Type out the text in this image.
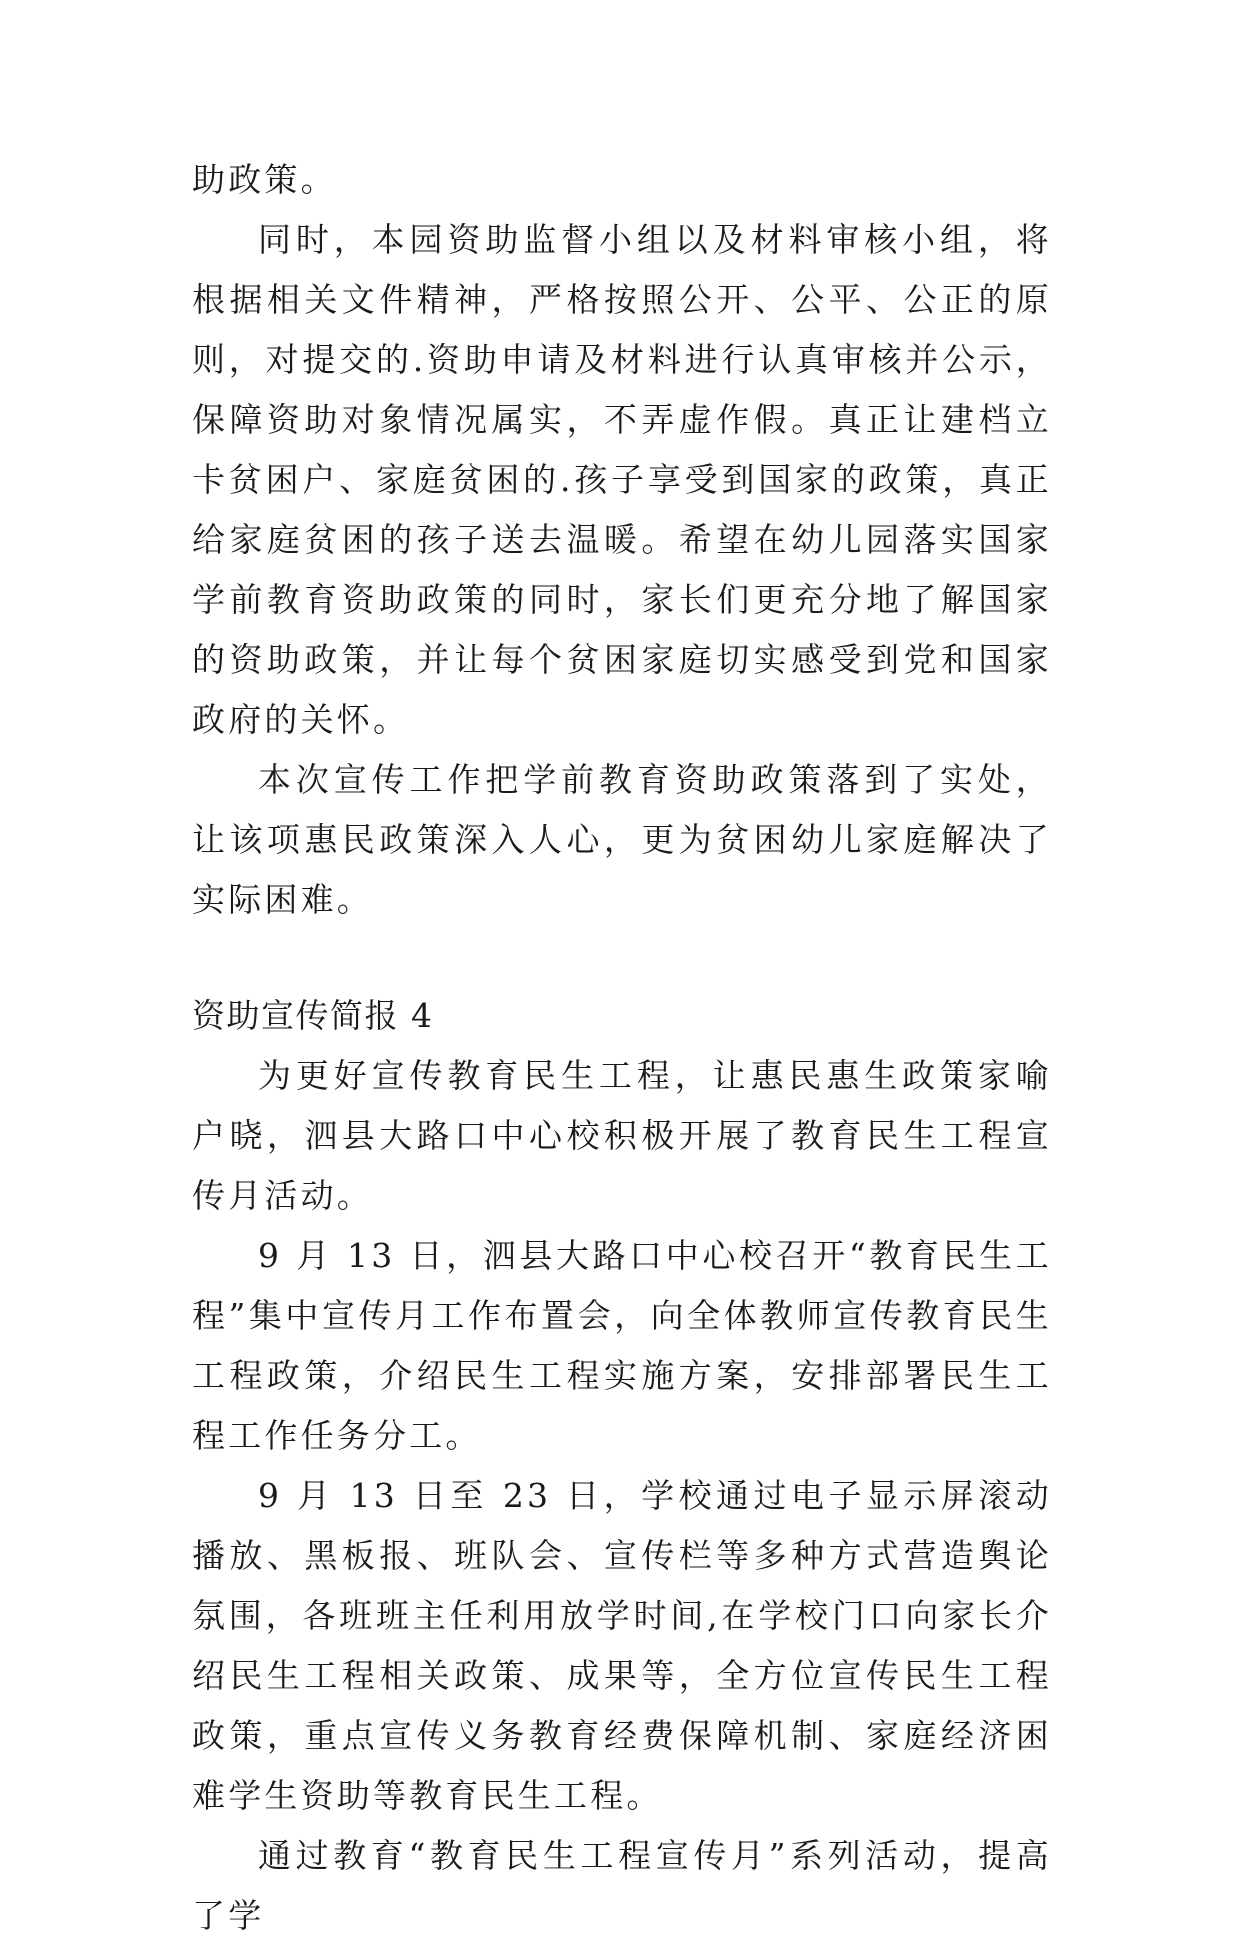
助政策。

同时，本园资助监督小组以及材料审核小组，将根据相关文件精神，严格按照公开、公平、公正的原则，对提交的.资助申请及材料进行认真审核并公示，保障资助对象情况属实，不弄虚作假。真正让建档立卡贫困户、家庭贫困的.孩子享受到国家的政策，真正给家庭贫困的孩子送去温暖。希望在幼儿园落实国家学前教育资助政策的同时，家长们更充分地了解国家的资助政策，并让每个贫困家庭切实感受到党和国家政府的关怀。

本次宣传工作把学前教育资助政策落到了实处，让该项惠民政策深入人心，更为贫困幼儿家庭解决了实际困难。

资助宣传简报 4

为更好宣传教育民生工程，让惠民惠生政策家喻户晓，泗县大路口中心校积极开展了教育民生工程宣传月活动。

9 月 13 日，泗县大路口中心校召开“教育民生工程”集中宣传月工作布置会，向全体教师宣传教育民生工程政策，介绍民生工程实施方案，安排部署民生工程工作任务分工。

9 月 13 日至 23 日，学校通过电子显示屏滚动播放、黑板报、班队会、宣传栏等多种方式营造舆论氛围，各班班主任利用放学时间,在学校门口向家长介绍民生工程相关政策、成果等，全方位宣传民生工程政策，重点宣传义务教育经费保障机制、家庭经济困难学生资助等教育民生工程。

通过教育“教育民生工程宣传月”系列活动，提高了学
